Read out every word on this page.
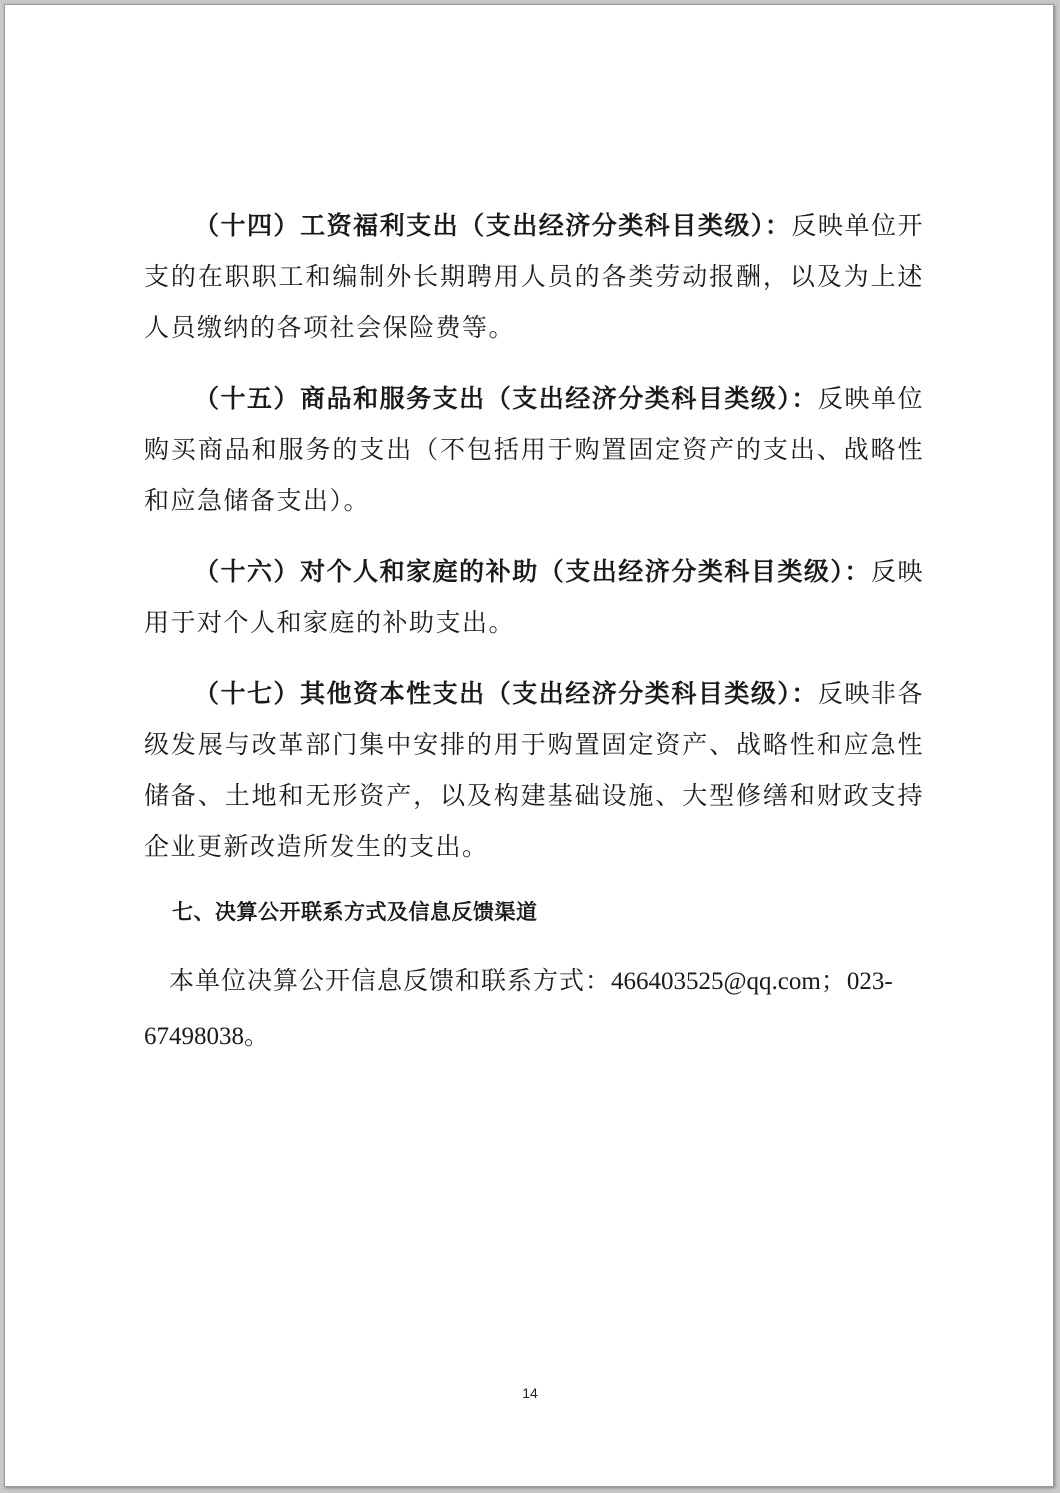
（十四）工资福利支出（支出经济分类科目类级）：反映单位开支的在职职工和编制外长期聘用人员的各类劳动报酬，以及为上述人员缴纳的各项社会保险费等。

（十五）商品和服务支出（支出经济分类科目类级）：反映单位购买商品和服务的支出（不包括用于购置固定资产的支出、战略性和应急储备支出）。

（十六）对个人和家庭的补助（支出经济分类科目类级）：反映用于对个人和家庭的补助支出。

（十七）其他资本性支出（支出经济分类科目类级）：反映非各级发展与改革部门集中安排的用于购置固定资产、战略性和应急性储备、土地和无形资产，以及构建基础设施、大型修缮和财政支持企业更新改造所发生的支出。

七、决算公开联系方式及信息反馈渠道

本单位决算公开信息反馈和联系方式：466403525@qq.com；023-67498038。

14
